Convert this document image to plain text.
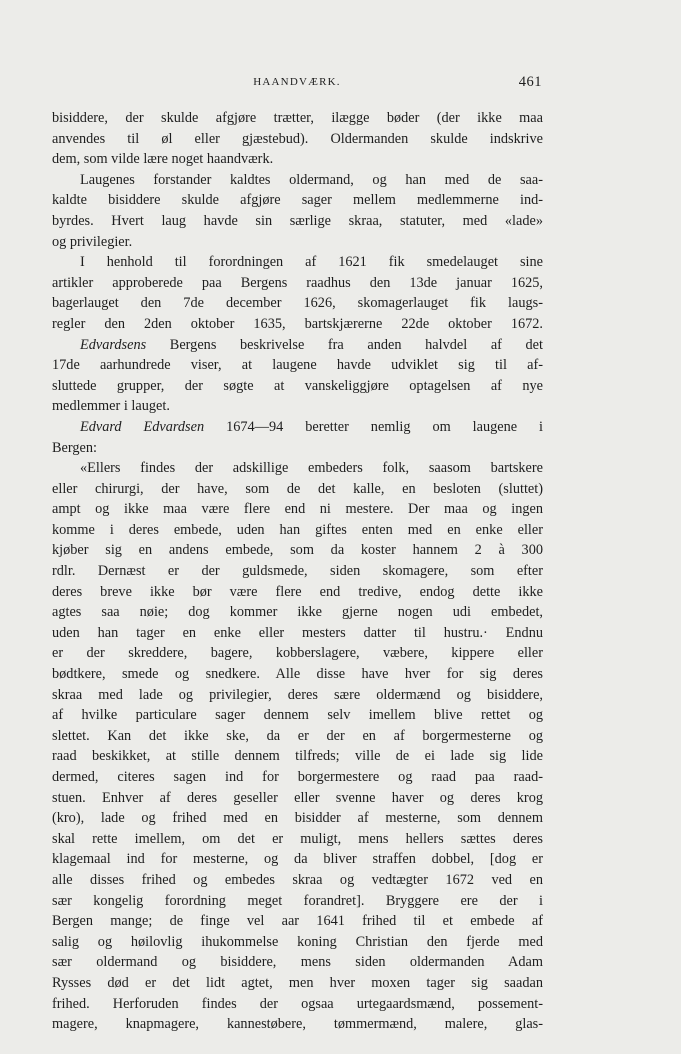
HAANDVÆRK.	461
bisiddere, der skulde afgjøre trætter, ilægge bøder (der ikke maa
anvendes til øl eller gjæstebud). Oldermanden skulde indskrive
dem, som vilde lære noget haandværk.
Laugenes forstander kaldtes oldermand, og han med de saa-
kaldte bisiddere skulde afgjøre sager mellem medlemmerne ind-
byrdes. Hvert laug havde sin særlige skraa, statuter, med «lade»
og privilegier.
I henhold til forordningen af 1621 fik smedelauget sine
artikler approberede paa Bergens raadhus den 13de januar 1625,
bagerlauget den 7de december 1626, skomagerlauget fik laugs-
regler den 2den oktober 1635, bartskjærerne 22de oktober 1672.
Edvardsens Bergens beskrivelse fra anden halvdel af det
17de aarhundrede viser, at laugene havde udviklet sig til af-
sluttede grupper, der søgte at vanskeliggjøre optagelsen af nye
medlemmer i lauget.
Edvard Edvardsen 1674—94 beretter nemlig om laugene i
Bergen:
«Ellers findes der adskillige embeders folk, saasom bartskere
eller chirurgi, der have, som de det kalle, en besloten (sluttet)
ampt og ikke maa være flere end ni mestere. Der maa og ingen
komme i deres embede, uden han giftes enten med en enke eller
kjøber sig en andens embede, som da koster hannem 2 à 300
rdlr. Dernæst er der guldsmede, siden skomagere, som efter
deres breve ikke bør være flere end tredive, endog dette ikke
agtes saa nøie; dog kommer ikke gjerne nogen udi embedet,
uden han tager en enke eller mesters datter til hustru.· Endnu
er der skreddere, bagere, kobberslagere, væbere, kippere eller
bødtkere, smede og snedkere. Alle disse have hver for sig deres
skraa med lade og privilegier, deres sære oldermænd og bisiddere,
af hvilke particulare sager dennem selv imellem blive rettet og
slettet. Kan det ikke ske, da er der en af borgermesterne og
raad beskikket, at stille dennem tilfreds; ville de ei lade sig lide
dermed, citeres sagen ind for borgermestere og raad paa raad-
stuen. Enhver af deres geseller eller svenne haver og deres krog
(kro), lade og frihed med en bisidder af mesterne, som dennem
skal rette imellem, om det er muligt, mens hellers sættes deres
klagemaal ind for mesterne, og da bliver straffen dobbel, [dog er
alle disses frihed og embedes skraa og vedtægter 1672 ved en
sær kongelig forordning meget forandret]. Bryggere ere der i
Bergen mange; de finge vel aar 1641 frihed til et embede af
salig og høilovlig ihukommelse koning Christian den fjerde med
sær oldermand og bisiddere, mens siden oldermanden Adam
Rysses død er det lidt agtet, men hver moxen tager sig saadan
frihed. Herforuden findes der ogsaa urtegaardsmænd, possement-
magere, knapmagere, kannestøbere, tømmermænd, malere, glas-
